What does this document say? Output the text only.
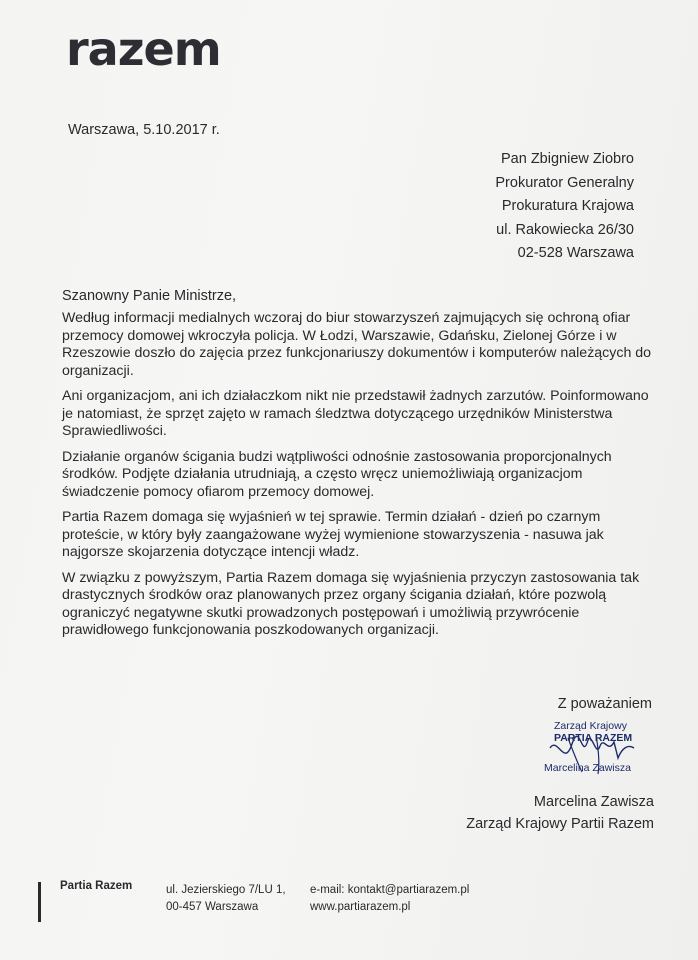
razem
Warszawa, 5.10.2017 r.
Pan Zbigniew Ziobro
Prokurator Generalny
Prokuratura Krajowa
ul. Rakowiecka 26/30
02-528 Warszawa
Szanowny Panie Ministrze,

Według informacji medialnych wczoraj do biur stowarzyszeń zajmujących się ochroną ofiar przemocy domowej wkroczyła policja. W Łodzi, Warszawie, Gdańsku, Zielonej Górze i w Rzeszowie doszło do zajęcia przez funkcjonariuszy dokumentów i komputerów należących do organizacji.

Ani organizacjom, ani ich działaczkom nikt nie przedstawił żadnych zarzutów. Poinformowano je natomiast, że sprzęt zajęto w ramach śledztwa dotyczącego urzędników Ministerstwa Sprawiedliwości.

Działanie organów ścigania budzi wątpliwości odnośnie zastosowania proporcjonalnych środków. Podjęte działania utrudniają, a często wręcz uniemożliwiają organizacjom świadczenie pomocy ofiarom przemocy domowej.

Partia Razem domaga się wyjaśnień w tej sprawie. Termin działań - dzień po czarnym proteście, w który były zaangażowane wyżej wymienione stowarzyszenia - nasuwa jak najgorsze skojarzenia dotyczące intencji władz.

W związku z powyższym, Partia Razem domaga się wyjaśnienia przyczyn zastosowania tak drastycznych środków oraz planowanych przez organy ścigania działań, które pozwolą ograniczyć negatywne skutki prowadzonych postępowań i umożliwią przywrócenie prawidłowego funkcjonowania poszkodowanych organizacji.

Z poważaniem
Zarząd Krajowy
PARTIA RAZEM
Marcelina Zawisza
Marcelina Zawisza
Zarząd Krajowy Partii Razem
Partia Razem	ul. Jezierskiego 7/LU 1,
00-457 Warszawa
e-mail: kontakt@partiarazem.pl
www.partiarazem.pl
